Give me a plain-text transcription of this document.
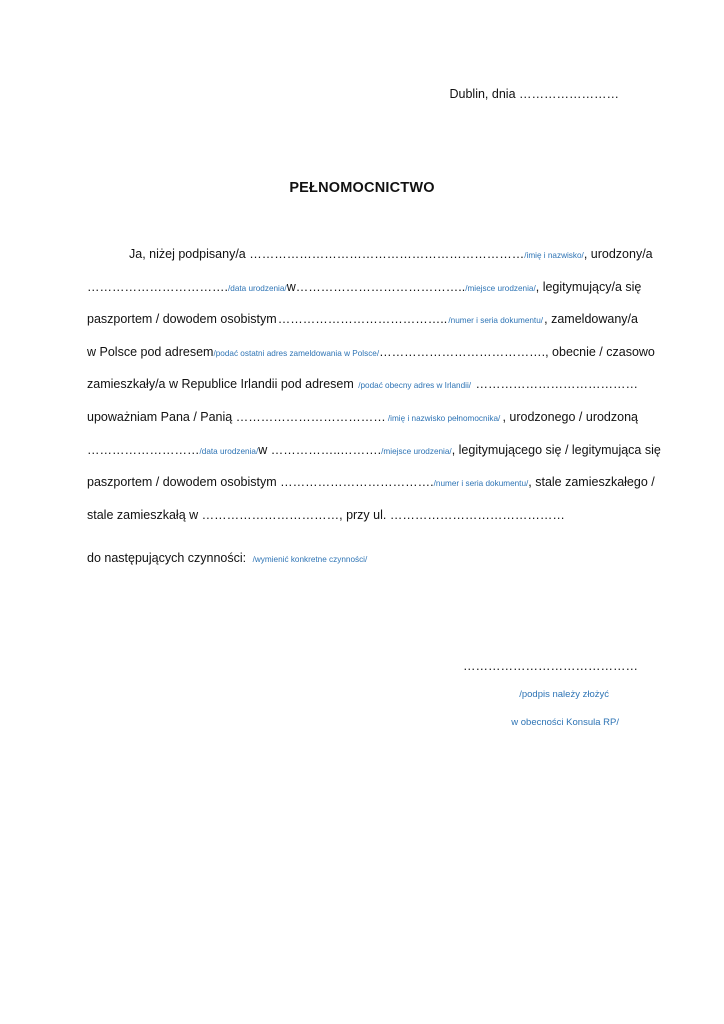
Dublin, dnia ……………………
PEŁNOMOCNICTWO
Ja, niżej podpisany/a ………………………………………………………… /imię i nazwisko/ , urodzony/a
……………………………. /data urodzenia/ w ………………………………….. /miejsce urodzenia/ , legitymujący/a się
paszportem / dowodem osobistym ………………………………….. /numer i seria dokumentu/ , zameldowany/a
w Polsce pod adresem /podać ostatni adres zameldowania w Polsce/ …………………………………., obecnie / czasowo
zamieszkały/a w Republice Irlandii pod adresem /podać obecny adres w Irlandii/ …………………………………
upoważniam Pana / Panią ……………………………… /imię i nazwisko pełnomocnika/ , urodzonego / urodzoną
……………………… /data urodzenia/ w ……………..………. /miejsce urodzenia/ , legitymującego się / legitymująca się
paszportem / dowodem osobistym ………………………………. /numer i seria dokumentu/ , stale zamieszkałego /
stale zamieszkałą w ……………………………, przy ul. ……………………………………
do następujących czynności: /wymienić konkretne czynności/
……………………………………
/podpis należy złożyć
w obecności Konsula RP/
